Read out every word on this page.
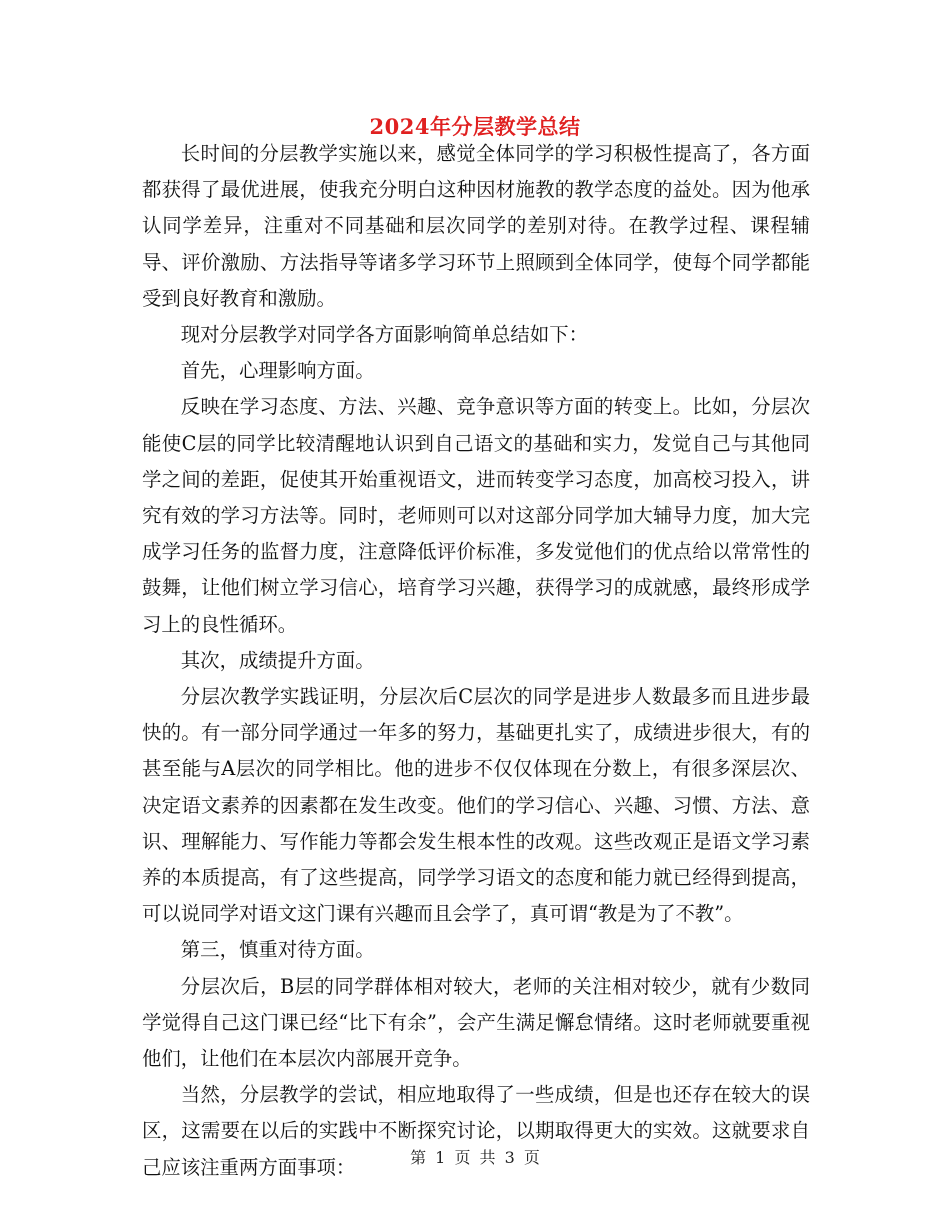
2024年分层教学总结

长时间的分层教学实施以来，感觉全体同学的学习积极性提高了，各方面都获得了最优进展，使我充分明白这种因材施教的教学态度的益处。因为他承认同学差异，注重对不同基础和层次同学的差别对待。在教学过程、课程辅导、评价激励、方法指导等诸多学习环节上照顾到全体同学，使每个同学都能受到良好教育和激励。

现对分层教学对同学各方面影响简单总结如下：

首先，心理影响方面。

反映在学习态度、方法、兴趣、竞争意识等方面的转变上。比如，分层次能使C层的同学比较清醒地认识到自己语文的基础和实力，发觉自己与其他同学之间的差距，促使其开始重视语文，进而转变学习态度，加高校习投入，讲究有效的学习方法等。同时，老师则可以对这部分同学加大辅导力度，加大完成学习任务的监督力度，注意降低评价标准，多发觉他们的优点给以常常性的鼓舞，让他们树立学习信心，培育学习兴趣，获得学习的成就感，最终形成学习上的良性循环。

其次，成绩提升方面。

分层次教学实践证明，分层次后C层次的同学是进步人数最多而且进步最快的。有一部分同学通过一年多的努力，基础更扎实了，成绩进步很大，有的甚至能与A层次的同学相比。他的进步不仅仅体现在分数上，有很多深层次、决定语文素养的因素都在发生改变。他们的学习信心、兴趣、习惯、方法、意识、理解能力、写作能力等都会发生根本性的改观。这些改观正是语文学习素养的本质提高，有了这些提高，同学学习语文的态度和能力就已经得到提高，可以说同学对语文这门课有兴趣而且会学了，真可谓“教是为了不教”。

第三，慎重对待方面。

分层次后，B层的同学群体相对较大，老师的关注相对较少，就有少数同学觉得自己这门课已经“比下有余”，会产生满足懈怠情绪。这时老师就要重视他们，让他们在本层次内部展开竞争。

当然，分层教学的尝试，相应地取得了一些成绩，但是也还存在较大的误区，这需要在以后的实践中不断探究讨论，以期取得更大的实效。这就要求自己应该注重两方面事项：	第 1 页 共 3 页
